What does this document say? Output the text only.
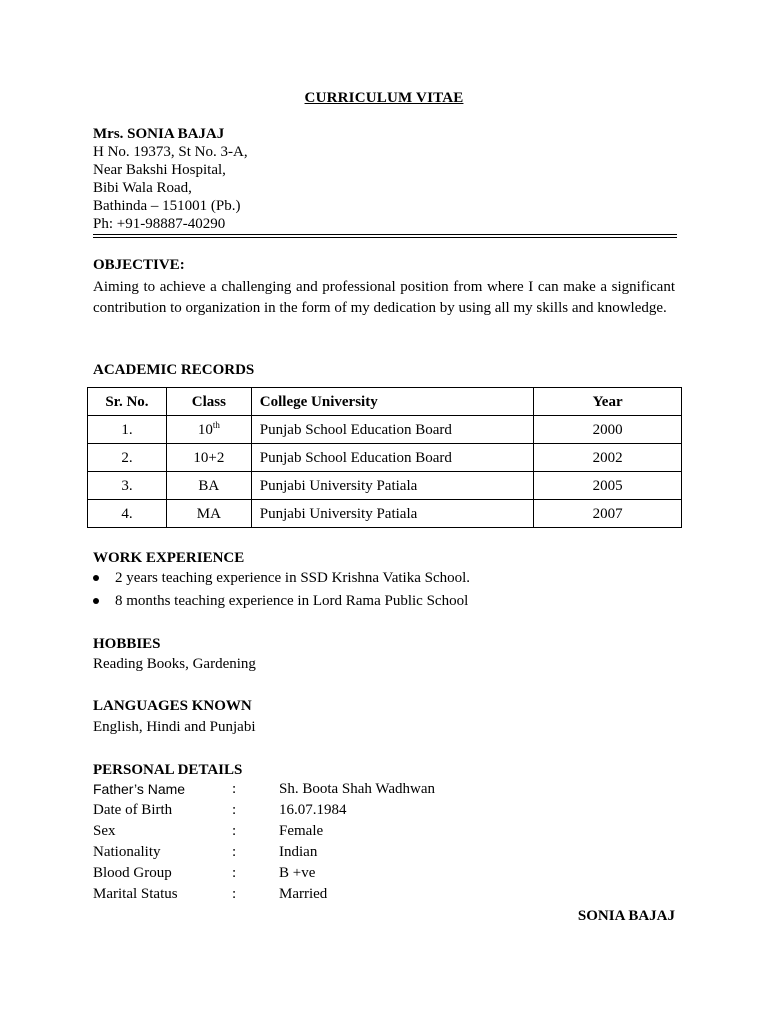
CURRICULUM VITAE
Mrs. SONIA BAJAJ
H No. 19373, St No. 3-A,
Near Bakshi Hospital,
Bibi Wala Road,
Bathinda – 151001 (Pb.)
Ph: +91-98887-40290
OBJECTIVE:
Aiming to achieve a challenging and professional position from where I can make a significant contribution to organization in the form of my dedication by using all my skills and knowledge.
ACADEMIC RECORDS
Sr. No.	Class	College University	Year
1.	10th	Punjab School Education Board	2000
2.	10+2	Punjab School Education Board	2002
3.	BA	Punjabi University Patiala	2005
4.	MA	Punjabi University Patiala	2007
WORK EXPERIENCE
2 years teaching experience in SSD Krishna Vatika School.
8 months teaching experience in Lord Rama Public School
HOBBIES
Reading Books, Gardening
LANGUAGES KNOWN
English, Hindi and Punjabi
PERSONAL DETAILS
Father’s Name	:	Sh. Boota Shah Wadhwan
Date of Birth	:	16.07.1984
Sex	:	Female
Nationality	:	Indian
Blood Group	:	B +ve
Marital Status	:	Married
SONIA BAJAJ
